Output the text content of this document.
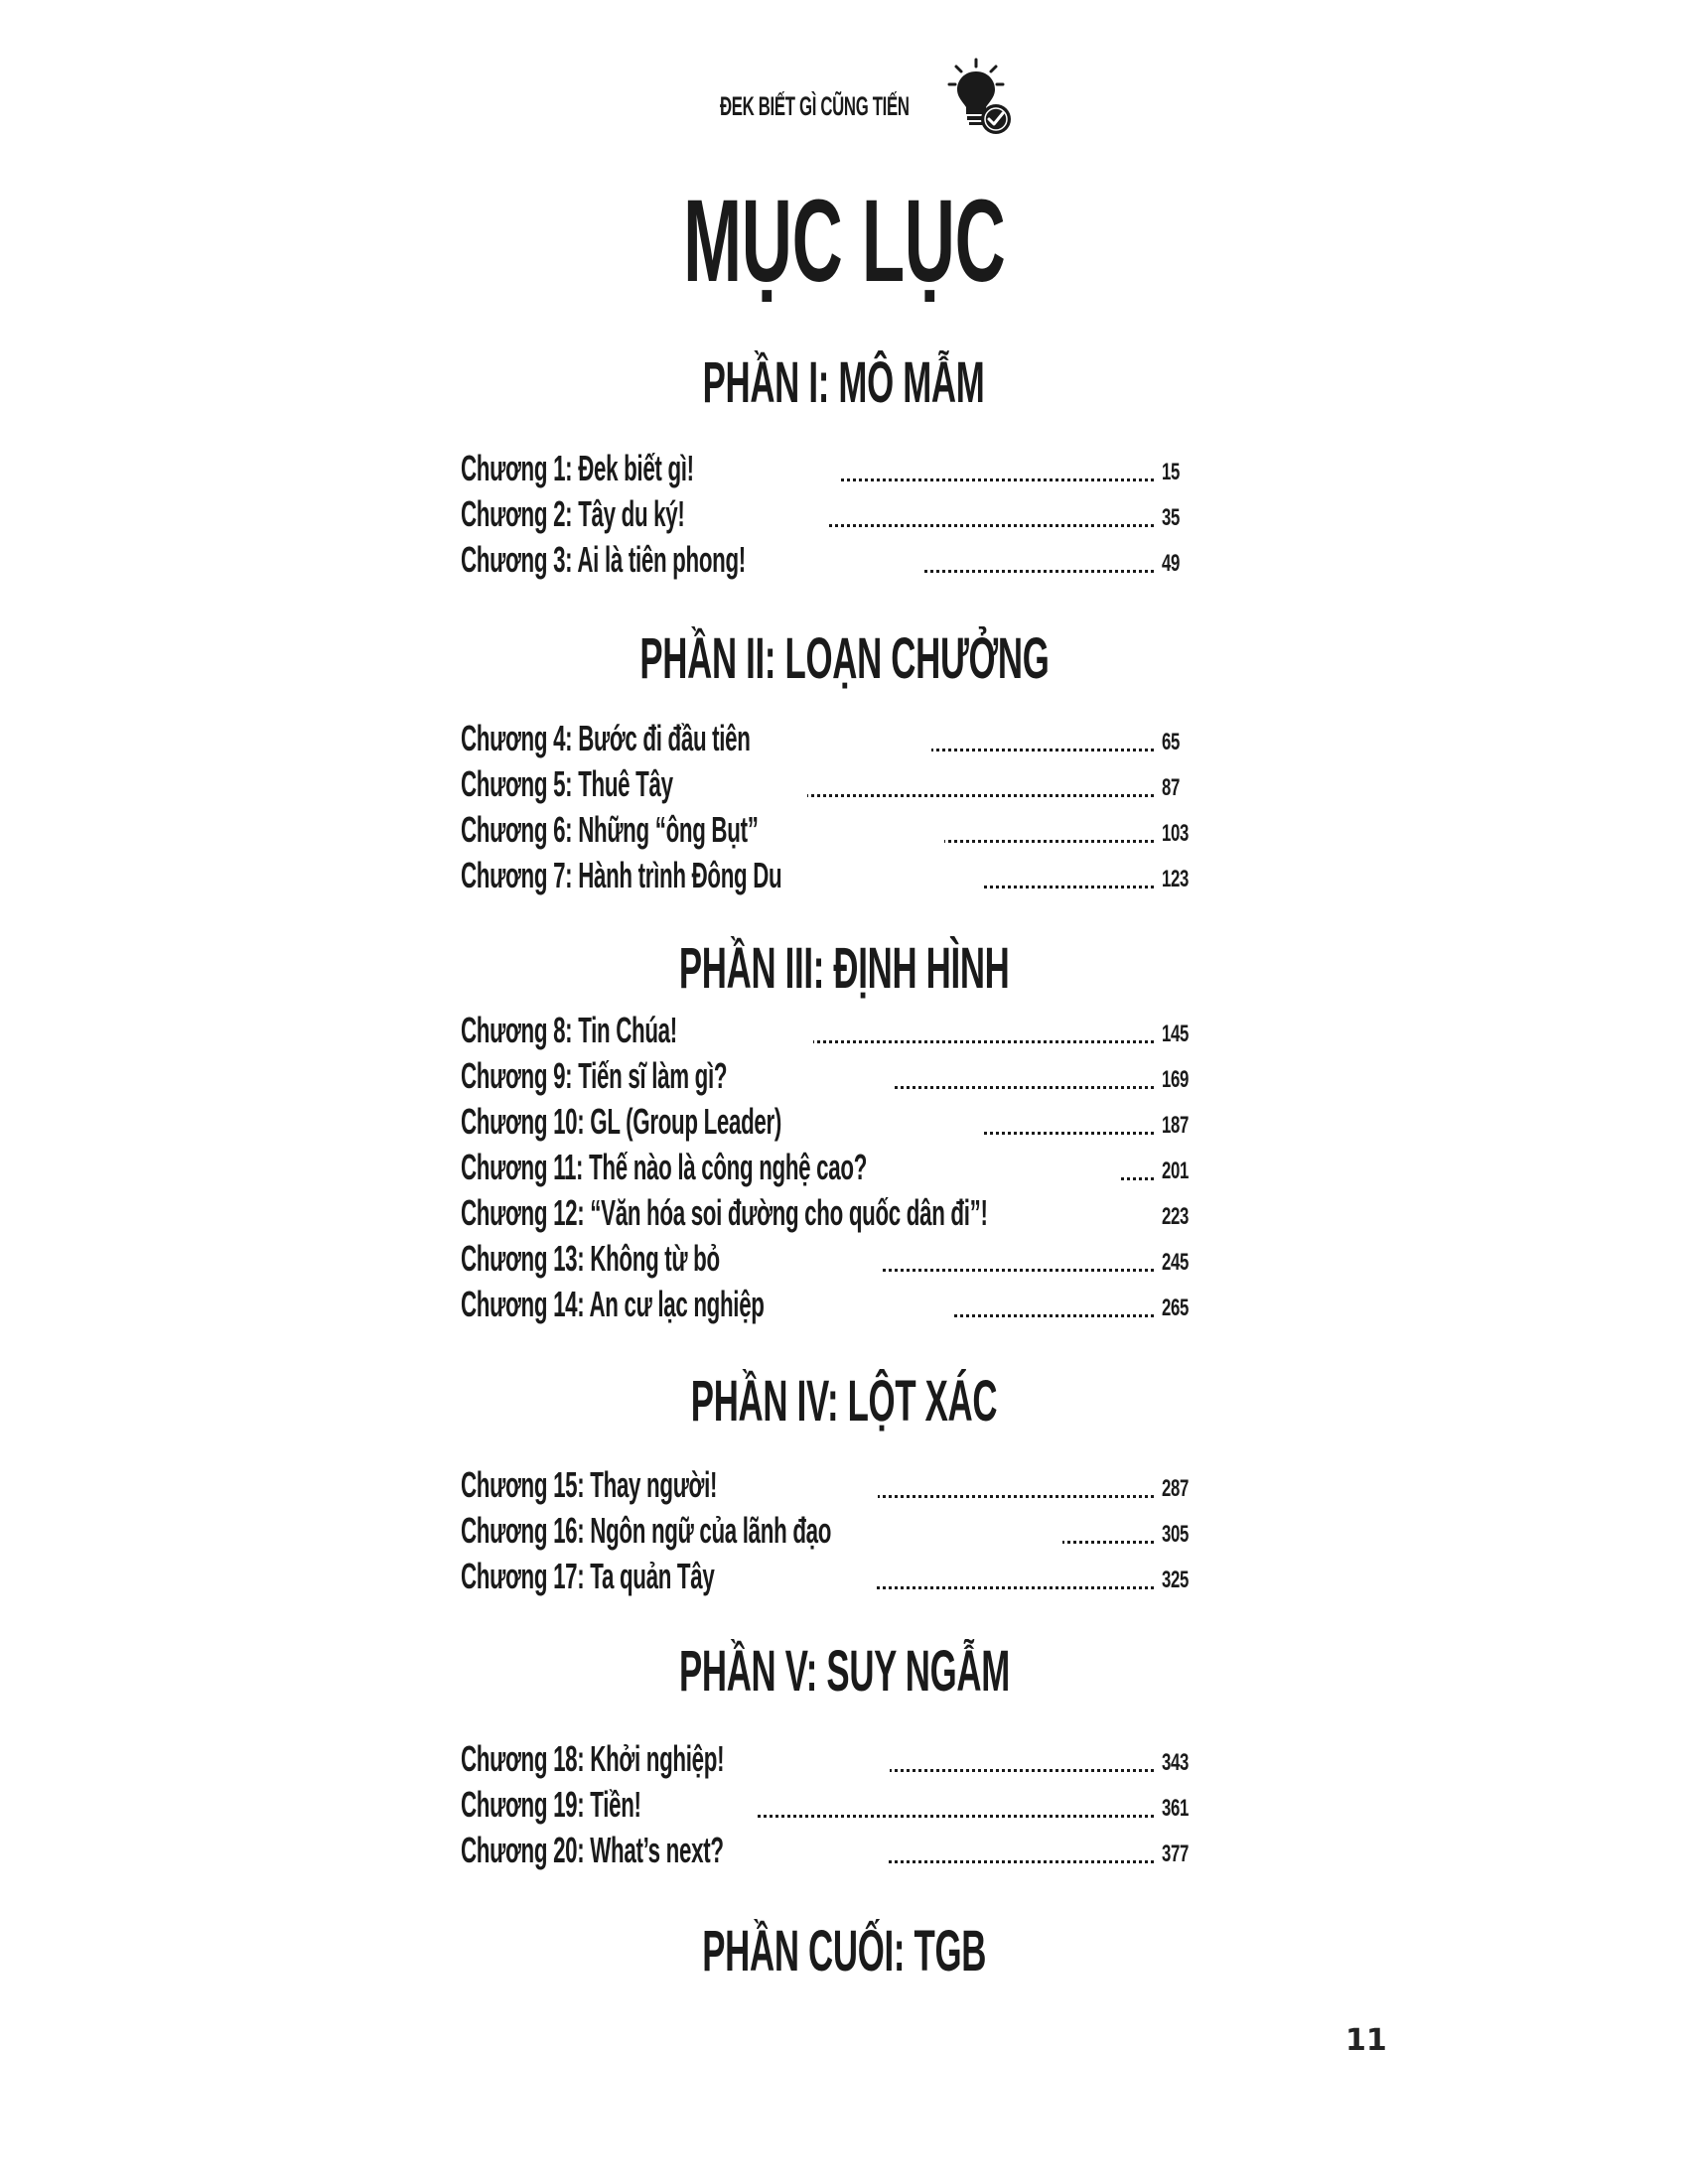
ĐEK BIẾT GÌ CŨNG TIẾN
MỤC LỤC
PHẦN I: MÔ MẪM
Chương 1: Đek biết gì!	15
Chương 2: Tây du ký!	35
Chương 3: Ai là tiên phong!	49
PHẦN II: LOẠN CHƯỞNG
Chương 4: Bước đi đầu tiên	65
Chương 5: Thuê Tây	87
Chương 6: Những “ông Bụt”	103
Chương 7: Hành trình Đông Du	123
PHẦN III: ĐỊNH HÌNH
Chương 8: Tin Chúa!	145
Chương 9: Tiến sĩ làm gì?	169
Chương 10: GL (Group Leader)	187
Chương 11: Thế nào là công nghệ cao?	201
Chương 12: “Văn hóa soi đường cho quốc dân đi”!	223
Chương 13: Không từ bỏ	245
Chương 14: An cư lạc nghiệp	265
PHẦN IV: LỘT XÁC
Chương 15: Thay người!	287
Chương 16: Ngôn ngữ của lãnh đạo	305
Chương 17: Ta quản Tây	325
PHẦN V: SUY NGẪM
Chương 18: Khởi nghiệp!	343
Chương 19: Tiền!	361
Chương 20: What’s next?	377
PHẦN CUỐI: TGB
11
